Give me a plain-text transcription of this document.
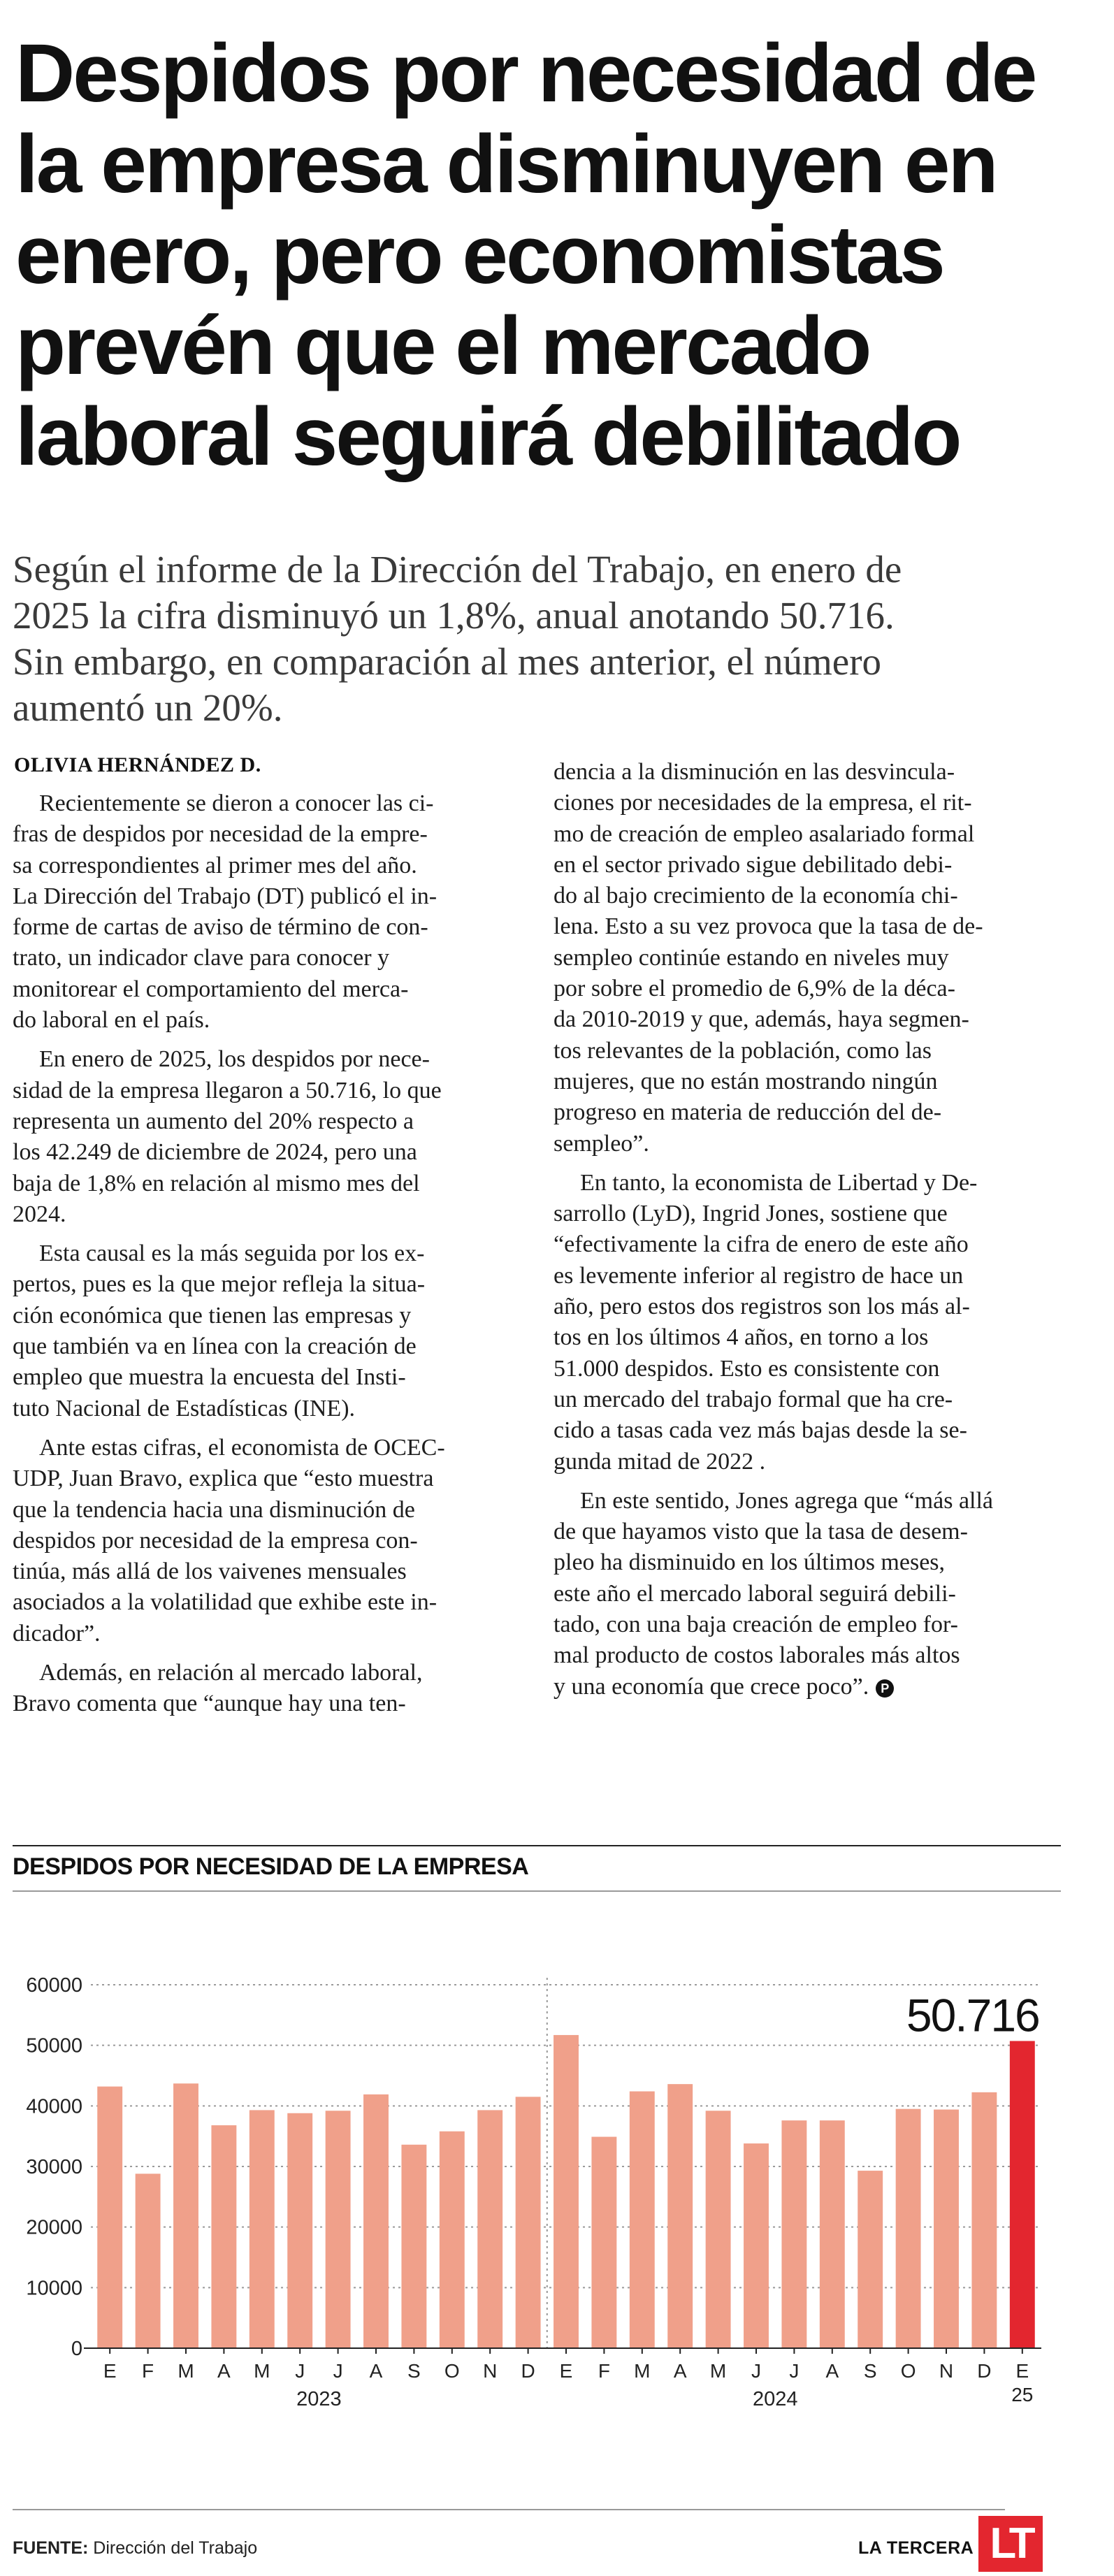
Despidos por necesidad de
la empresa disminuyen en
enero, pero economistas
prevén que el mercado
laboral seguirá debilitado
Según el informe de la Dirección del Trabajo, en enero de
2025 la cifra disminuyó un 1,8%, anual anotando 50.716.
Sin embargo, en comparación al mes anterior, el número
aumentó un 20%.

OLIVIA HERNÁNDEZ D.

Recientemente se dieron a conocer las ci-
fras de despidos por necesidad de la empre-
sa correspondientes al primer mes del año.
La Dirección del Trabajo (DT) publicó el in-
forme de cartas de aviso de término de con-
trato, un indicador clave para conocer y
monitorear el comportamiento del merca-
do laboral en el país.

En enero de 2025, los despidos por nece-
sidad de la empresa llegaron a 50.716, lo que
representa un aumento del 20% respecto a
los 42.249 de diciembre de 2024, pero una
baja de 1,8% en relación al mismo mes del
2024.

Esta causal es la más seguida por los ex-
pertos, pues es la que mejor refleja la situa-
ción económica que tienen las empresas y
que también va en línea con la creación de
empleo que muestra la encuesta del Insti-
tuto Nacional de Estadísticas (INE).

Ante estas cifras, el economista de OCEC-
UDP, Juan Bravo, explica que “esto muestra
que la tendencia hacia una disminución de
despidos por necesidad de la empresa con-
tinúa, más allá de los vaivenes mensuales
asociados a la volatilidad que exhibe este in-
dicador”.

Además, en relación al mercado laboral,
Bravo comenta que “aunque hay una ten-

dencia a la disminución en las desvincula-
ciones por necesidades de la empresa, el rit-
mo de creación de empleo asalariado formal
en el sector privado sigue debilitado debi-
do al bajo crecimiento de la economía chi-
lena. Esto a su vez provoca que la tasa de de-
sempleo continúe estando en niveles muy
por sobre el promedio de 6,9% de la déca-
da 2010-2019 y que, además, haya segmen-
tos relevantes de la población, como las
mujeres, que no están mostrando ningún
progreso en materia de reducción del de-
sempleo”.

En tanto, la economista de Libertad y De-
sarrollo (LyD), Ingrid Jones, sostiene que
“efectivamente la cifra de enero de este año
es levemente inferior al registro de hace un
año, pero estos dos registros son los más al-
tos en los últimos 4 años, en torno a los
51.000 despidos. Esto es consistente con
un mercado del trabajo formal que ha cre-
cido a tasas cada vez más bajas desde la se-
gunda mitad de 2022 .

En este sentido, Jones agrega que “más allá
de que hayamos visto que la tasa de desem-
pleo ha disminuido en los últimos meses,
este año el mercado laboral seguirá debili-
tado, con una baja creación de empleo for-
mal producto de costos laborales más altos
y una economía que crece poco”. P

DESPIDOS POR NECESIDAD DE LA EMPRESA

0
10000
20000
30000
40000
50000
60000
E F M A M J J A S O N D E F M A M J J A S O N D E
25
2023	2024
50.716

FUENTE: Dirección del Trabajo	LA TERCERA LT
